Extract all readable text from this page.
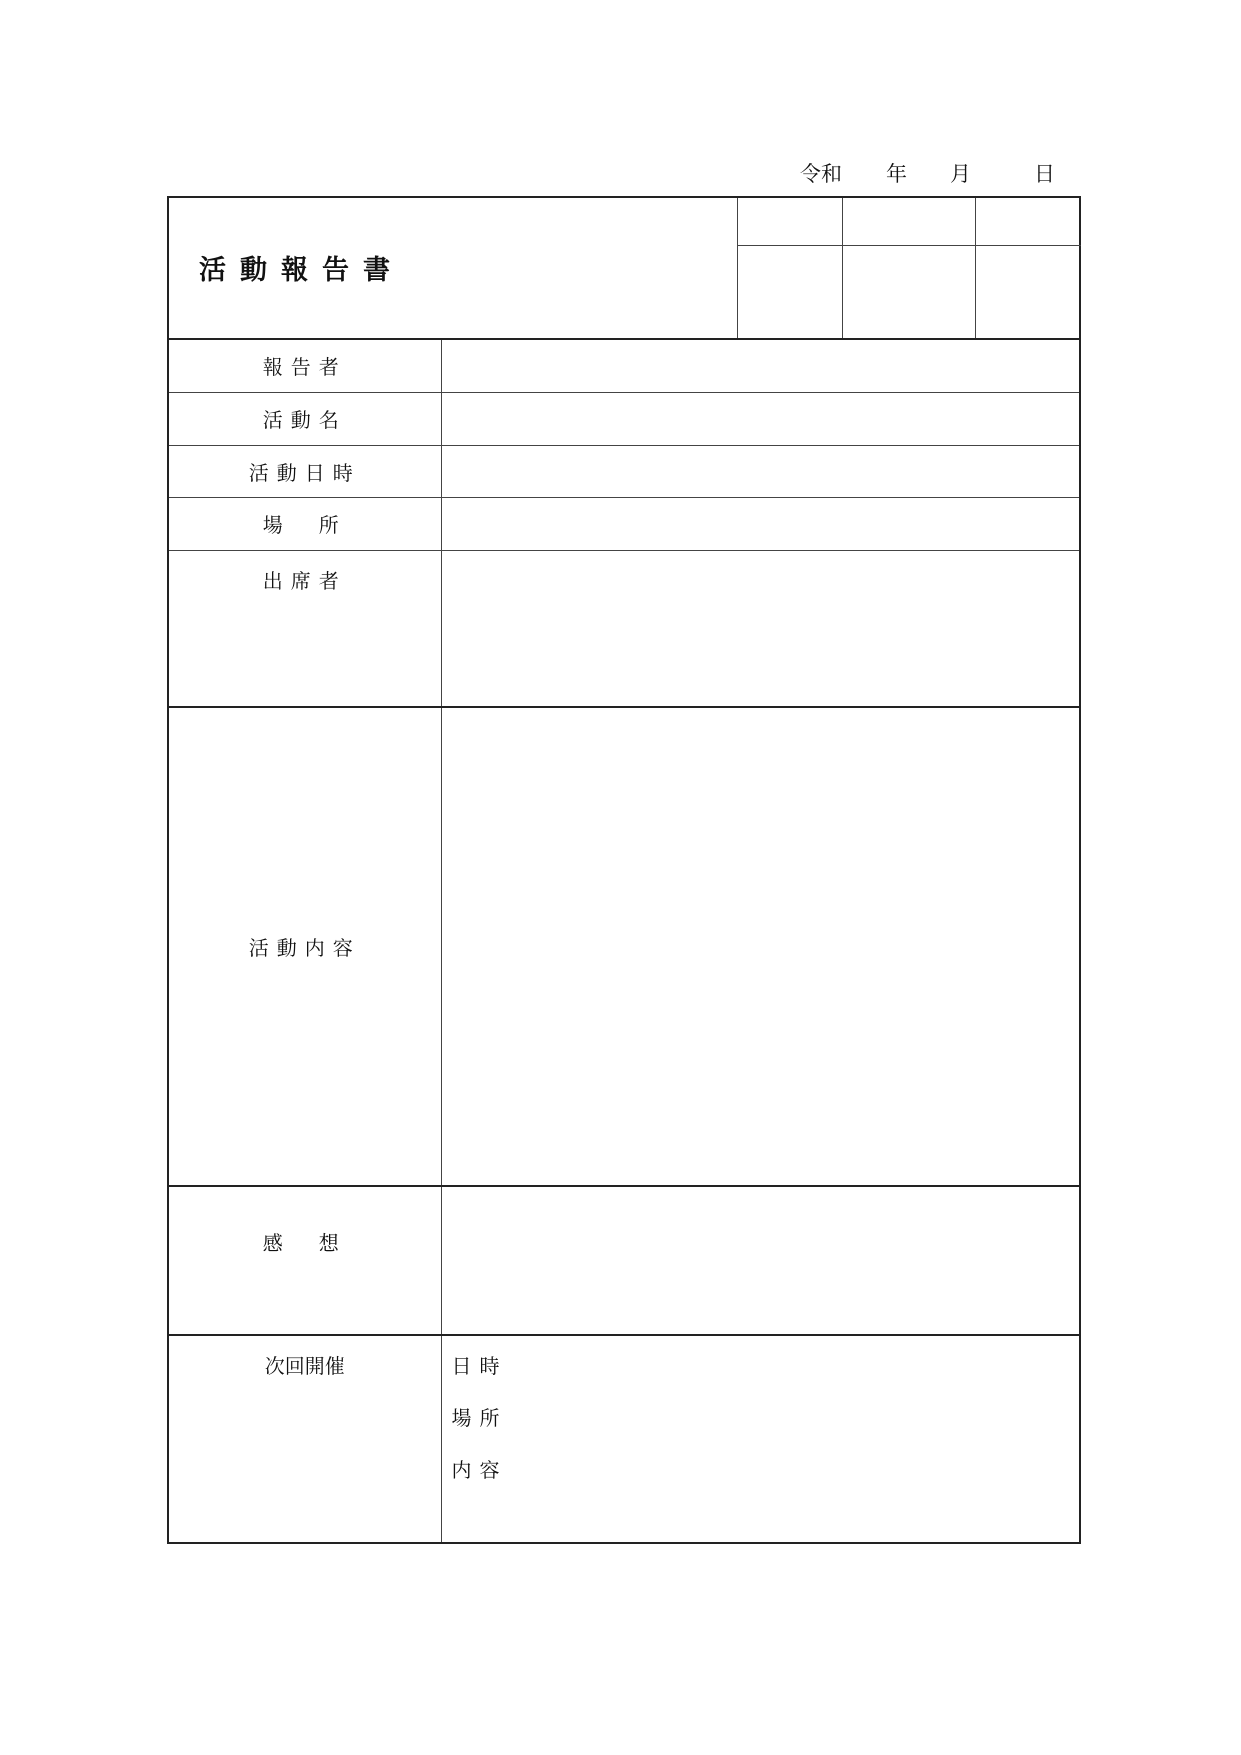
令和 年 月	日
活動報告書
報告者	
活動名	
活動日時	
場　所	
出席者	
活動内容	
感　想	
次回開催	日時
場所
内容
